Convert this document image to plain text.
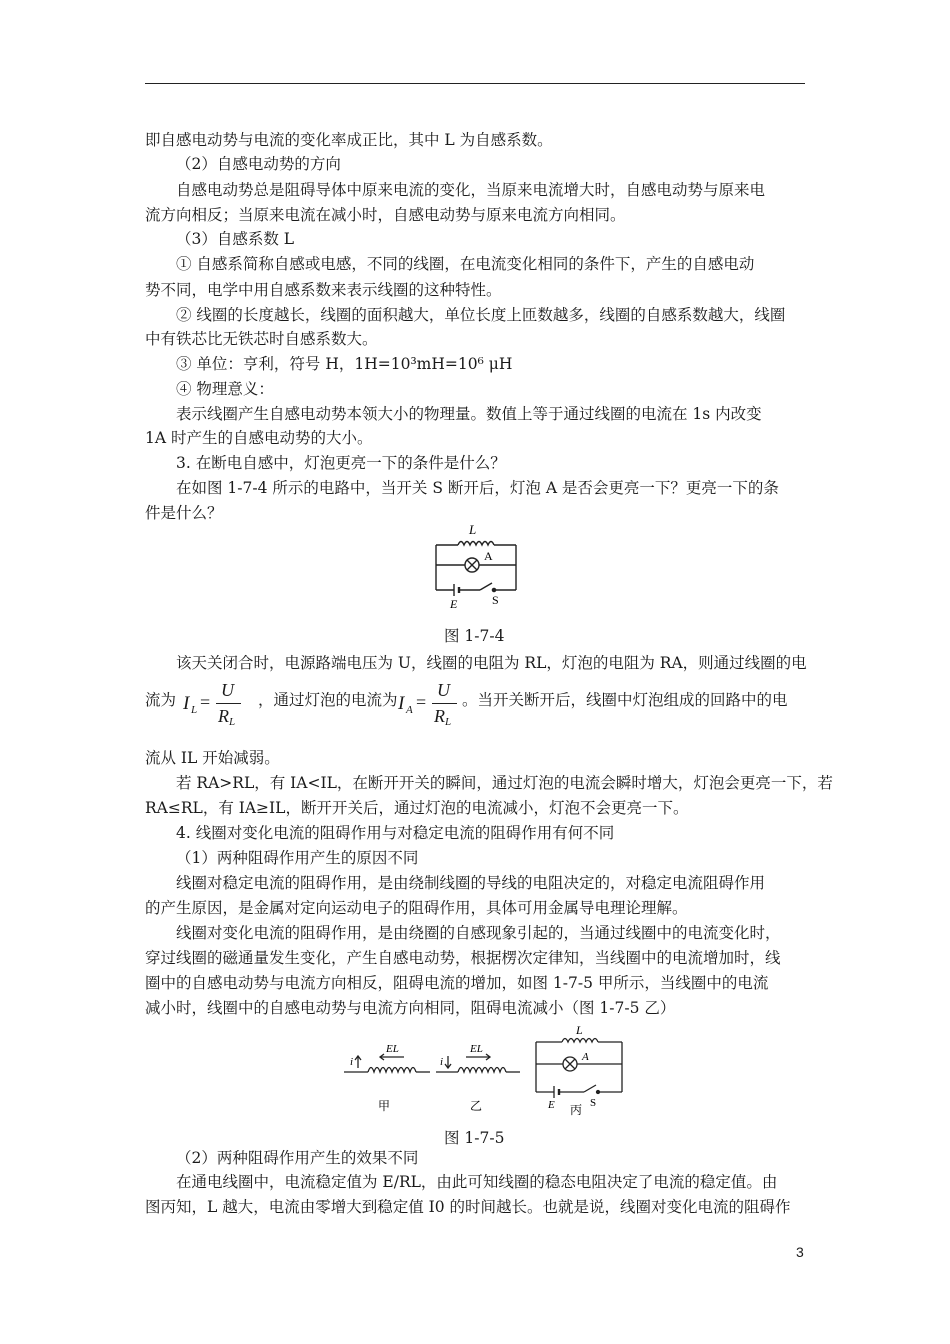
即自感电动势与电流的变化率成正比，其中 L 为自感系数。
（2）自感电动势的方向
自感电动势总是阻碍导体中原来电流的变化，当原来电流增大时，自感电动势与原来电
流方向相反；当原来电流在减小时，自感电动势与原来电流方向相同。
（3）自感系数 L
① 自感系简称自感或电感，不同的线圈，在电流变化相同的条件下，产生的自感电动
势不同，电学中用自感系数来表示线圈的这种特性。
② 线圈的长度越长，线圈的面积越大，单位长度上匝数越多，线圈的自感系数越大，线圈
中有铁芯比无铁芯时自感系数大。
③ 单位：亨利，符号 H，1H=10³mH=10⁶ μH
④ 物理意义：
表示线圈产生自感电动势本领大小的物理量。数值上等于通过线圈的电流在 1s 内改变
1A 时产生的自感电动势的大小。
3. 在断电自感中，灯泡更亮一下的条件是什么？
在如图 1-7-4 所示的电路中，当开关 S 断开后，灯泡 A 是否会更亮一下？更亮一下的条
件是什么？
L
A
E	S
图 1-7-4
该天关闭合时，电源路端电压为 U，线圈的电阻为 RL，灯泡的电阻为 RA，则通过线圈的电
流为 I L =
U
R L
，通过灯泡的电流为 I A =
U
R L
。当开关断开后，线圈中灯泡组成的回路中的电
流从 IL 开始减弱。
若 RA>RL，有 IA<IL，在断开开关的瞬间，通过灯泡的电流会瞬时增大，灯泡会更亮一下，若
RA≤RL，有 IA≥IL，断开开关后，通过灯泡的电流减小，灯泡不会更亮一下。
4. 线圈对变化电流的阻碍作用与对稳定电流的阻碍作用有何不同
（1）两种阻碍作用产生的原因不同
线圈对稳定电流的阻碍作用，是由绕制线圈的导线的电阻决定的，对稳定电流阻碍作用
的产生原因，是金属对定向运动电子的阻碍作用，具体可用金属导电理论理解。
线圈对变化电流的阻碍作用，是由绕圈的自感现象引起的，当通过线圈中的电流变化时，
穿过线圈的磁通量发生变化，产生自感电动势，根据楞次定律知，当线圈中的电流增加时，线
圈中的自感电动势与电流方向相反，阻碍电流的增加，如图 1-7-5 甲所示，当线圈中的电流
减小时，线圈中的自感电动势与电流方向相同，阻碍电流减小（图 1-7-5 乙）
i
EL
甲
i
EL
乙
L
A
E	S
丙
图 1-7-5
（2）两种阻碍作用产生的效果不同
在通电线圈中，电流稳定值为 E/RL，由此可知线圈的稳态电阻决定了电流的稳定值。由
图丙知，L 越大，电流由零增大到稳定值 I0 的时间越长。也就是说，线圈对变化电流的阻碍作
3
